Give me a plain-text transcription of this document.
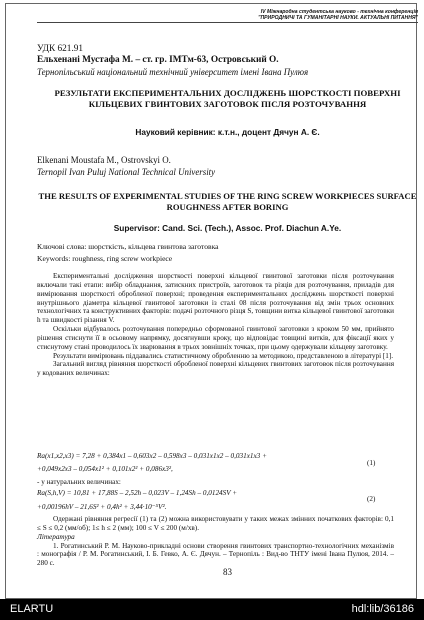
IV Міжнародна студентська науково - технічна конференція
"ПРИРОДНИЧІ ТА ГУМАНІТАРНІ НАУКИ. АКТУАЛЬНІ ПИТАННЯ"
УДК 621.91
Ельхенані Мустафа М. – ст. гр. ІМТм-63, Островський О.
Тернопільський національний технічний університет імені Івана Пулюя
РЕЗУЛЬТАТИ ЕКСПЕРИМЕНТАЛЬНИХ ДОСЛІДЖЕНЬ ШОРСТКОСТІ ПОВЕРХНІ КІЛЬЦЕВИХ ГВИНТОВИХ ЗАГОТОВОК ПІСЛЯ РОЗТОЧУВАННЯ
Науковий керівник: к.т.н., доцент Дячун А. Є.
Elkenani Moustafa M., Ostrovskyi O.
Ternopil Ivan Puluj National Technical University
THE RESULTS OF EXPERIMENTAL STUDIES OF THE RING SCREW WORKPIECES SURFACE ROUGHNESS AFTER BORING
Supervisor: Cand. Sci. (Tech.), Assoc. Prof. Diachun A.Ye.
Ключові слова: шорсткість, кільцева гвинтова заготовка
Keywords: roughness, ring screw workpiece

Експериментальні дослідження шорсткості поверхні кільцевої гвинтової заготовки після розточування включали такі етапи: вибір обладнання, затискних пристроїв, заготовок та різців для розточування, приладів для вимірювання шорсткості обробленої поверхні; проведення експериментальних досліджень шорсткості поверхні внутрішнього діаметра кільцевої гвинтової заготовки із сталі 08 після розточування від змін трьох основних технологічних та конструктивних факторів: подачі розточного різця S, товщини витка кільцевої гвинтової заготовки h та швидкості різання V.

Оскільки відбувалось розточування попередньо сформованої гвинтової заготовки з кроком 50 мм, прийнято рішення стиснути її в осьовому напрямку, досягнувши кроку, що відповідає товщині витків, для фіксації яких у стиснутому стані проводилось їх зварювання в трьох зовнішніх точках, при цьому одержували кільцеву заготовку.

Результати вимірювань піддавались статистичному обробленню за методикою, представленою в літературі [1].

Загальний вигляд рівняння шорсткості обробленої поверхні кільцевих гвинтових заготовок після розточування у кодованих величинах:

Ra(x1,x2,x3) = 7,28 + 0,384x1 – 0,603x2 – 0,598x3 – 0,031x1x2 – 0,031x1x3 +
+0,049x2x3 – 0,054x1² + 0,101x2² + 0,086x3²,
(1)
- у натуральних величинах:
Ra(S,h,V) = 10,81 + 17,88S – 2,52h – 0,023V – 1,24Sh – 0,0124SV +
+0,00196hV – 21,6S² + 0,4h² + 3,44·10⁻⁵V².
(2)

Одержані рівняння регресії (1) та (2) можна використовувати у таких межах змінних початкових факторів: 0,1 ≤ S ≤ 0,2 (мм/об); 1≤ h ≤ 2 (мм); 100 ≤ V ≤ 200 (м/хв).

Література

1. Рогатинський Р. М. Науково-прикладні основи створення гвинтових транспортно-технологічних механізмів : монографія / Р. М. Рогатинський, І. Б. Гевко, А. Є. Дячун. – Тернопіль : Вид-во ТНТУ імені Івана Пулюя, 2014. – 280 с.

83
ELARTU	hdl:lib/36186
